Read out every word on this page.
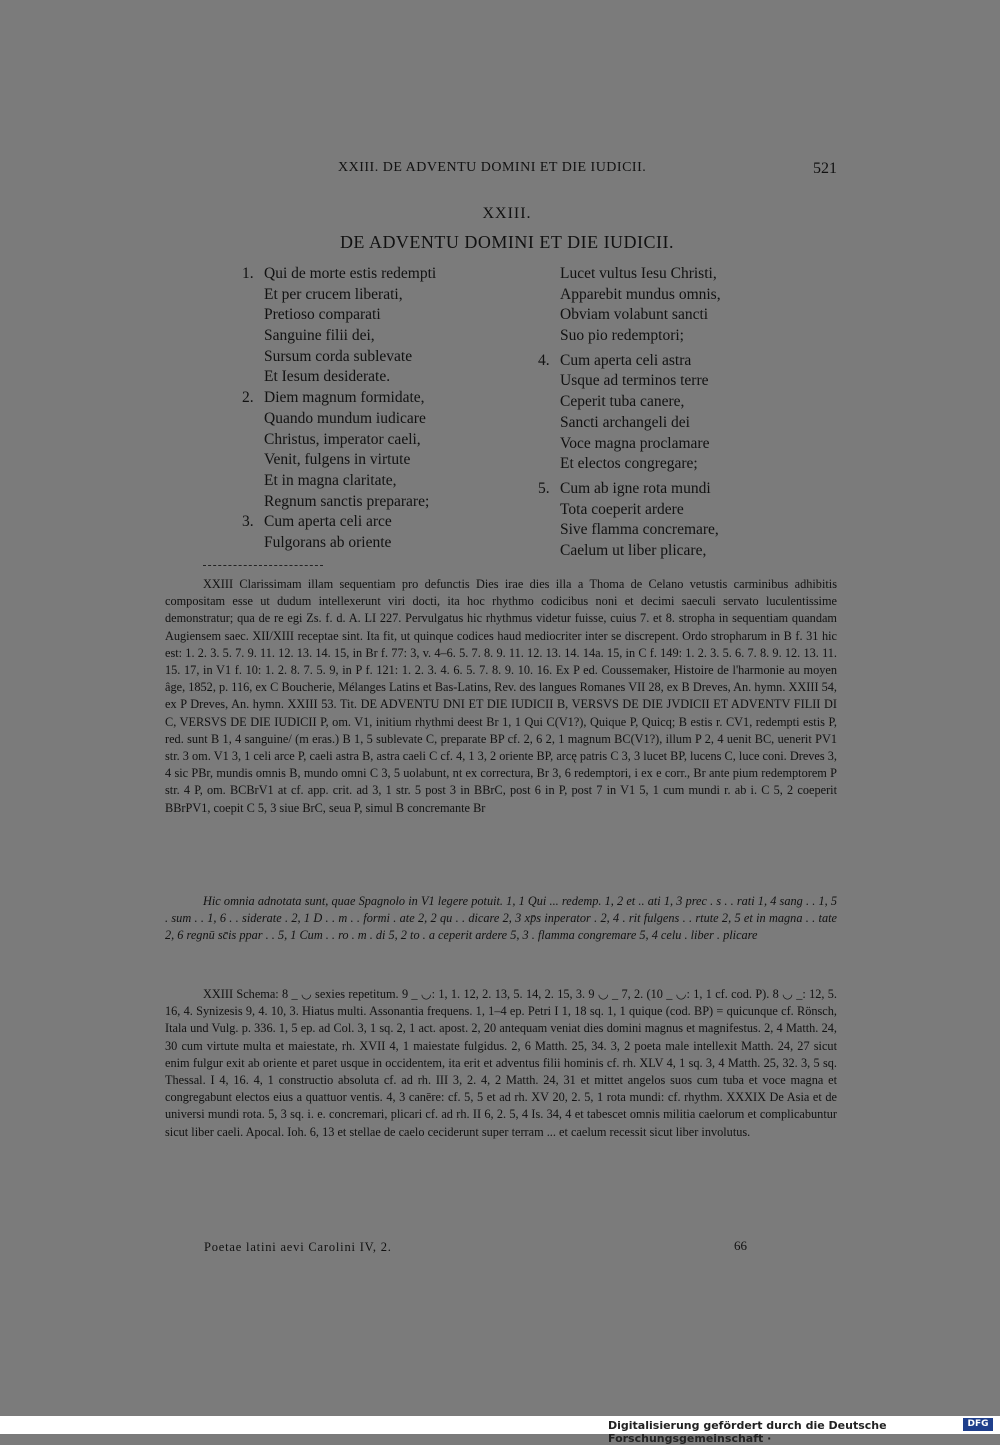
XXIII. DE ADVENTU DOMINI ET DIE IUDICII.	521
XXIII.
DE ADVENTU DOMINI ET DIE IUDICII.
1. Qui de morte estis redempti
Et per crucem liberati,
Pretioso comparati
Sanguine filii dei,
Sursum corda sublevate
Et Iesum desiderate.
2. Diem magnum formidate,
Quando mundum iudicare
Christus, imperator caeli,
Venit, fulgens in virtute
Et in magna claritate,
Regnum sanctis preparare;
3. Cum aperta celi arce
Fulgorans ab oriente
Lucet vultus Iesu Christi,
Apparebit mundus omnis,
Obviam volabunt sancti
Suo pio redemptori;
4. Cum aperta celi astra
Usque ad terminos terre
Ceperit tuba canere,
Sancti archangeli dei
Voce magna proclamare
Et electos congregare;
5. Cum ab igne rota mundi
Tota coeperit ardere
Sive flamma concremare,
Caelum ut liber plicare,

XXIII Clarissimam illam sequentiam pro defunctis Dies irae dies illa a Thoma de Celano vetustis carminibus adhibitis compositam esse ut dudum intellexerunt viri docti, ita hoc rhythmo codicibus noni et decimi saeculi servato luculentissime demonstratur; qua de re egi Zs. f. d. A. LI 227. Pervulgatus hic rhythmus videtur fuisse, cuius 7. et 8. stropha in sequentiam quandam Augiensem saec. XII/XIII receptae sint. Ita fit, ut quinque codices haud mediocriter inter se discrepent. Ordo stropharum in B f. 31 hic est: 1. 2. 3. 5. 7. 9. 11. 12. 13. 14. 15, in Br f. 77: 3, v. 4–6. 5. 7. 8. 9. 11. 12. 13. 14. 14a. 15, in C f. 149: 1. 2. 3. 5. 6. 7. 8. 9. 12. 13. 11. 15. 17, in V1 f. 10: 1. 2. 8. 7. 5. 9, in P f. 121: 1. 2. 3. 4. 6. 5. 7. 8. 9. 10. 16. Ex P ed. Coussemaker, Histoire de l'harmonie au moyen âge, 1852, p. 116, ex C Boucherie, Mélanges Latins et Bas-Latins, Rev. des langues Romanes VII 28, ex B Dreves, An. hymn. XXIII 54, ex P Dreves, An. hymn. XXIII 53. Tit. DE ADVENTU DNI ET DIE IUDICII B, VERSVS DE DIE JVDICII ET ADVENTV FILII DI C, VERSVS DE DIE IUDICII P, om. V1, initium rhythmi deest Br 1, 1 Qui C(V1?), Quique P, Quicq; B estis r. CV1, redempti estis P, red. sunt B 1, 4 sanguine/ (m eras.) B 1, 5 sublevate C, preparate BP cf. 2, 6 2, 1 magnum BC(V1?), illum P 2, 4 uenit BC, uenerit PV1 str. 3 om. V1 3, 1 celi arce P, caeli astra B, astra caeli C cf. 4, 1 3, 2 oriente BP, arcę patris C 3, 3 lucet BP, lucens C, luce coni. Dreves 3, 4 sic PBr, mundis omnis B, mundo omni C 3, 5 uolabunt, nt ex correctura, Br 3, 6 redemptori, i ex e corr., Br ante pium redemptorem P str. 4 P, om. BCBrV1 at cf. app. crit. ad 3, 1 str. 5 post 3 in BBrC, post 6 in P, post 7 in V1 5, 1 cum mundi r. ab i. C 5, 2 coeperit BBrPV1, coepit C 5, 3 siue BrC, seua P, simul B concremante Br

Hic omnia adnotata sunt, quae Spagnolo in V1 legere potuit. 1, 1 Qui ... redemp. 1, 2 et .. ati 1, 3 prec . s . . rati 1, 4 sang . . 1, 5 . sum . . 1, 6 . . siderate . 2, 1 D . . m . . formi . ate 2, 2 qu . . dicare 2, 3 xp̄s inperator . 2, 4 . rit fulgens . . rtute 2, 5 et in magna . . tate 2, 6 regnū sc̄is ppar . . 5, 1 Cum . . ro . m . di 5, 2 to . a ceperit ardere 5, 3 . flamma congremare 5, 4 celu . liber . plicare

XXIII Schema: 8 _ ◡ sexies repetitum. 9 _ ◡: 1, 1. 12, 2. 13, 5. 14, 2. 15, 3. 9 ◡ _ 7, 2. (10 _ ◡: 1, 1 cf. cod. P). 8 ◡ _: 12, 5. 16, 4. Synizesis 9, 4. 10, 3. Hiatus multi. Assonantia frequens. 1, 1–4 ep. Petri I 1, 18 sq. 1, 1 quique (cod. BP) = quicunque cf. Rönsch, Itala und Vulg. p. 336. 1, 5 ep. ad Col. 3, 1 sq. 2, 1 act. apost. 2, 20 antequam veniat dies domini magnus et magnifestus. 2, 4 Matth. 24, 30 cum virtute multa et maiestate, rh. XVII 4, 1 maiestate fulgidus. 2, 6 Matth. 25, 34. 3, 2 poeta male intellexit Matth. 24, 27 sicut enim fulgur exit ab oriente et paret usque in occidentem, ita erit et adventus filii hominis cf. rh. XLV 4, 1 sq. 3, 4 Matth. 25, 32. 3, 5 sq. Thessal. I 4, 16. 4, 1 constructio absoluta cf. ad rh. III 3, 2. 4, 2 Matth. 24, 31 et mittet angelos suos cum tuba et voce magna et congregabunt electos eius a quattuor ventis. 4, 3 canēre: cf. 5, 5 et ad rh. XV 20, 2. 5, 1 rota mundi: cf. rhythm. XXXIX De Asia et de universi mundi rota. 5, 3 sq. i. e. concremari, plicari cf. ad rh. II 6, 2. 5, 4 Is. 34, 4 et tabescet omnis militia caelorum et complicabuntur sicut liber caeli. Apocal. Ioh. 6, 13 et stellae de caelo ceciderunt super terram ... et caelum recessit sicut liber involutus.

Poetae latini aevi Carolini IV, 2.	66
Digitalisierung gefördert durch die Deutsche Forschungsgemeinschaft ·
DFG
